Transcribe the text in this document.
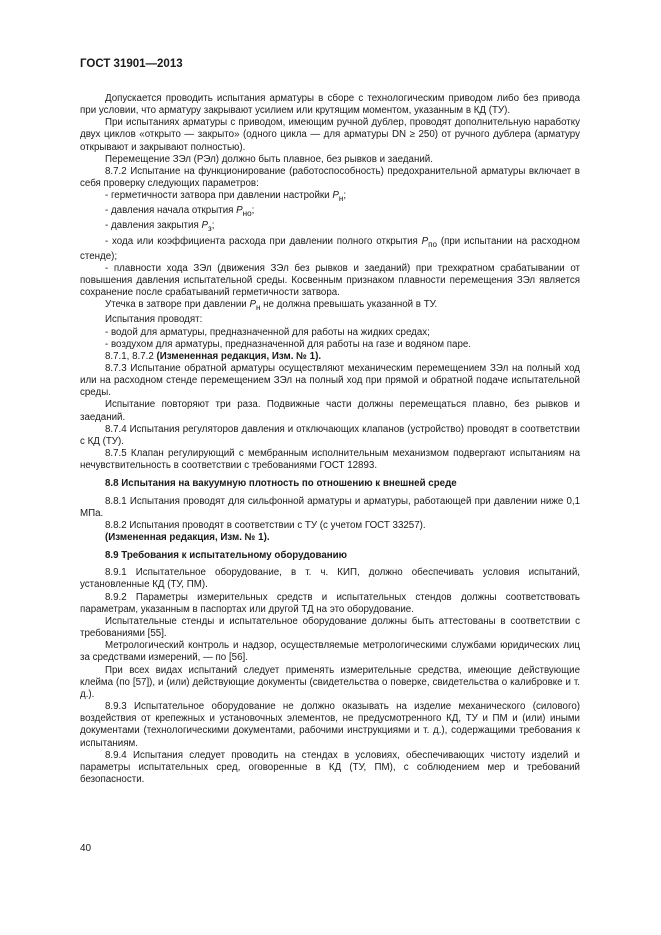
ГОСТ 31901—2013

Допускается проводить испытания арматуры в сборе с технологическим приводом либо без привода при условии, что арматуру закрывают усилием или крутящим моментом, указанным в КД (ТУ).

При испытаниях арматуры с приводом, имеющим ручной дублер, проводят дополнительную наработку двух циклов «открыто — закрыто» (одного цикла — для арматуры DN ≥ 250) от ручного дублера (арматуру открывают и закрывают полностью).

Перемещение ЗЭл (РЭл) должно быть плавное, без рывков и заеданий.

8.7.2 Испытание на функционирование (работоспособность) предохранительной арматуры включает в себя проверку следующих параметров:

- герметичности затвора при давлении настройки $P_н$;

- давления начала открытия $P_{но}$;

- давления закрытия $P_з$;

- хода или коэффициента расхода при давлении полного открытия $P_{по}$ (при испытании на расходном стенде);

- плавности хода ЗЭл (движения ЗЭл без рывков и заеданий) при трехкратном срабатывании от повышения давления испытательной среды. Косвенным признаком плавности перемещения ЗЭл является сохранение после срабатываний герметичности затвора.

Утечка в затворе при давлении $P_н$ не должна превышать указанной в ТУ.

Испытания проводят:

- водой для арматуры, предназначенной для работы на жидких средах;

- воздухом для арматуры, предназначенной для работы на газе и водяном паре.

8.7.1, 8.7.2 (Измененная редакция, Изм. № 1).

8.7.3 Испытание обратной арматуры осуществляют механическим перемещением ЗЭл на полный ход или на расходном стенде перемещением ЗЭл на полный ход при прямой и обратной подаче испытательной среды.

Испытание повторяют три раза. Подвижные части должны перемещаться плавно, без рывков и заеданий.

8.7.4 Испытания регуляторов давления и отключающих клапанов (устройство) проводят в соответствии с КД (ТУ).

8.7.5 Клапан регулирующий с мембранным исполнительным механизмом подвергают испытаниям на нечувствительность в соответствии с требованиями ГОСТ 12893.

8.8 Испытания на вакуумную плотность по отношению к внешней среде

8.8.1 Испытания проводят для сильфонной арматуры и арматуры, работающей при давлении ниже 0,1 МПа.

8.8.2 Испытания проводят в соответствии с ТУ (с учетом ГОСТ 33257).

(Измененная редакция, Изм. № 1).

8.9 Требования к испытательному оборудованию

8.9.1 Испытательное оборудование, в т. ч. КИП, должно обеспечивать условия испытаний, установленные КД (ТУ, ПМ).

8.9.2 Параметры измерительных средств и испытательных стендов должны соответствовать параметрам, указанным в паспортах или другой ТД на это оборудование.

Испытательные стенды и испытательное оборудование должны быть аттестованы в соответствии с требованиями [55].

Метрологический контроль и надзор, осуществляемые метрологическими службами юридических лиц за средствами измерений, — по [56].

При всех видах испытаний следует применять измерительные средства, имеющие действующие клейма (по [57]), и (или) действующие документы (свидетельства о поверке, свидетельства о калибровке и т. д.).

8.9.3 Испытательное оборудование не должно оказывать на изделие механического (силового) воздействия от крепежных и установочных элементов, не предусмотренного КД, ТУ и ПМ и (или) иными документами (технологическими документами, рабочими инструкциями и т. д.), содержащими требования к испытаниям.

8.9.4 Испытания следует проводить на стендах в условиях, обеспечивающих чистоту изделий и параметры испытательных сред, оговоренные в КД (ТУ, ПМ), с соблюдением мер и требований безопасности.

40
